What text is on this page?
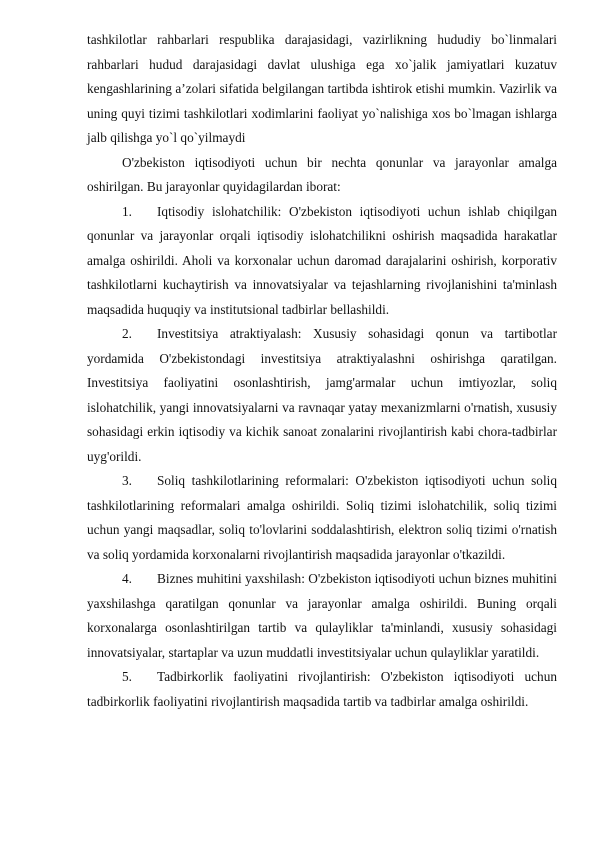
tashkilotlar rahbarlari respublika darajasidagi, vazirlikning hududiy bo`linmalari rahbarlari hudud darajasidagi davlat ulushiga ega xo`jalik jamiyatlari kuzatuv kengashlarining a’zolari sifatida belgilangan tartibda ishtirok etishi mumkin. Vazirlik va uning quyi tizimi tashkilotlari xodimlarini faoliyat yo`nalishiga xos bo`lmagan ishlarga jalb qilishga yo`l qo`yilmaydi

O'zbekiston iqtisodiyoti uchun bir nechta qonunlar va jarayonlar amalga oshirilgan. Bu jarayonlar quyidagilardan iborat:

1. Iqtisodiy islohatchilik: O'zbekiston iqtisodiyoti uchun ishlab chiqilgan qonunlar va jarayonlar orqali iqtisodiy islohatchilikni oshirish maqsadida harakatlar amalga oshirildi. Aholi va korxonalar uchun daromad darajalarini oshirish, korporativ tashkilotlarni kuchaytirish va innovatsiyalar va tejashlarning rivojlanishini ta'minlash maqsadida huquqiy va institutsional tadbirlar bellashildi.

2. Investitsiya atraktiyalash: Xususiy sohasidagi qonun va tartibotlar yordamida O'zbekistondagi investitsiya atraktiyalashni oshirishga qaratilgan. Investitsiya faoliyatini osonlashtirish, jamg'armalar uchun imtiyozlar, soliq islohatchilik, yangi innovatsiyalarni va ravnaqar yatay mexanizmlarni o'rnatish, xususiy sohasidagi erkin iqtisodiy va kichik sanoat zonalarini rivojlantirish kabi chora-tadbirlar uyg'orildi.

3. Soliq tashkilotlarining reformalari: O'zbekiston iqtisodiyoti uchun soliq tashkilotlarining reformalari amalga oshirildi. Soliq tizimi islohatchilik, soliq tizimi uchun yangi maqsadlar, soliq to'lovlarini soddalashtirish, elektron soliq tizimi o'rnatish va soliq yordamida korxonalarni rivojlantirish maqsadida jarayonlar o'tkazildi.

4. Biznes muhitini yaxshilash: O'zbekiston iqtisodiyoti uchun biznes muhitini yaxshilashga qaratilgan qonunlar va jarayonlar amalga oshirildi. Buning orqali korxonalarga osonlashtirilgan tartib va qulayliklar ta'minlandi, xususiy sohasidagi innovatsiyalar, startaplar va uzun muddatli investitsiyalar uchun qulayliklar yaratildi.

5. Tadbirkorlik faoliyatini rivojlantirish: O'zbekiston iqtisodiyoti uchun tadbirkorlik faoliyatini rivojlantirish maqsadida tartib va tadbirlar amalga oshirildi.
